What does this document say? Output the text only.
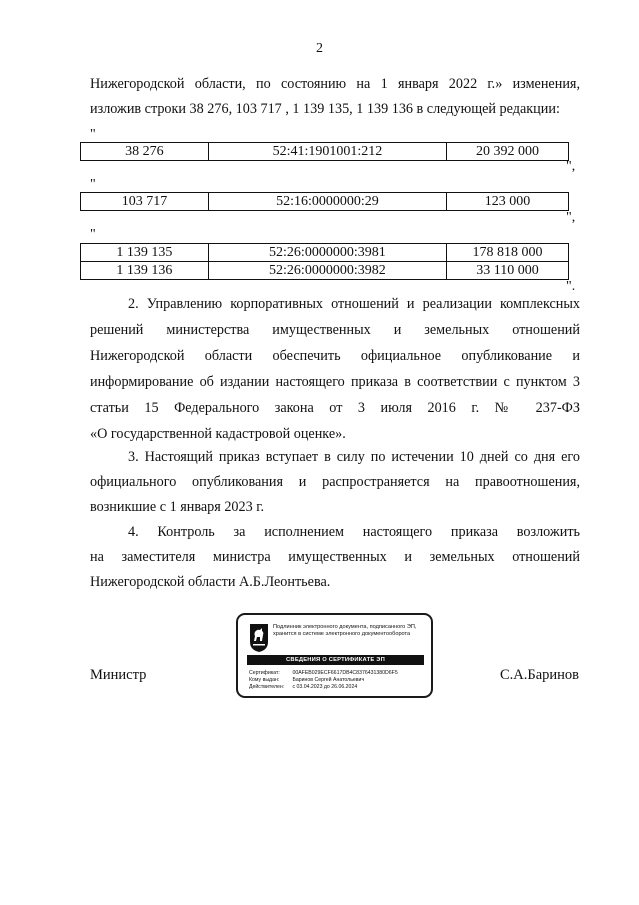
2

Нижегородской области, по состоянию на 1 января 2022 г.» изменения,

изложив строки 38 276, 103 717 , 1 139 135, 1 139 136 в следующей редакции:

"
38 276	52:41:1901001:212	20 392 000
",
"
103 717	52:16:0000000:29	123 000
",
"
1 139 135	52:26:0000000:3981	178 818 000
1 139 136	52:26:0000000:3982	33 110 000
".

2. Управлению корпоративных отношений и реализации комплексных

решений министерства имущественных и земельных отношений Нижегородской области обеспечить официальное опубликование и информирование об издании настоящего приказа в соответствии с пунктом 3 статьи 15 Федерального закона от 3 июля 2016 г. № 237-ФЗ

«О государственной кадастровой оценке».

3. Настоящий приказ вступает в силу по истечении 10 дней со дня его

официального опубликования и распространяется на правоотношения,

возникшие с 1 января 2023 г.

4. Контроль за исполнением настоящего приказа возложить

на заместителя министра имущественных и земельных отношений

Нижегородской области А.Б.Леонтьева.

Министр
Подлинник электронного документа, подписанного ЭП,
хранится в системе электронного документооборота
СВЕДЕНИЯ О СЕРТИФИКАТЕ ЭП
Сертификат: 00AFEB029ECF6617DB4C8376431380D6F5
Кому выдан:	Баринов Сергей Анатольевич
Действителен: с 03.04.2023 до 26.06.2024
С.А.Баринов
